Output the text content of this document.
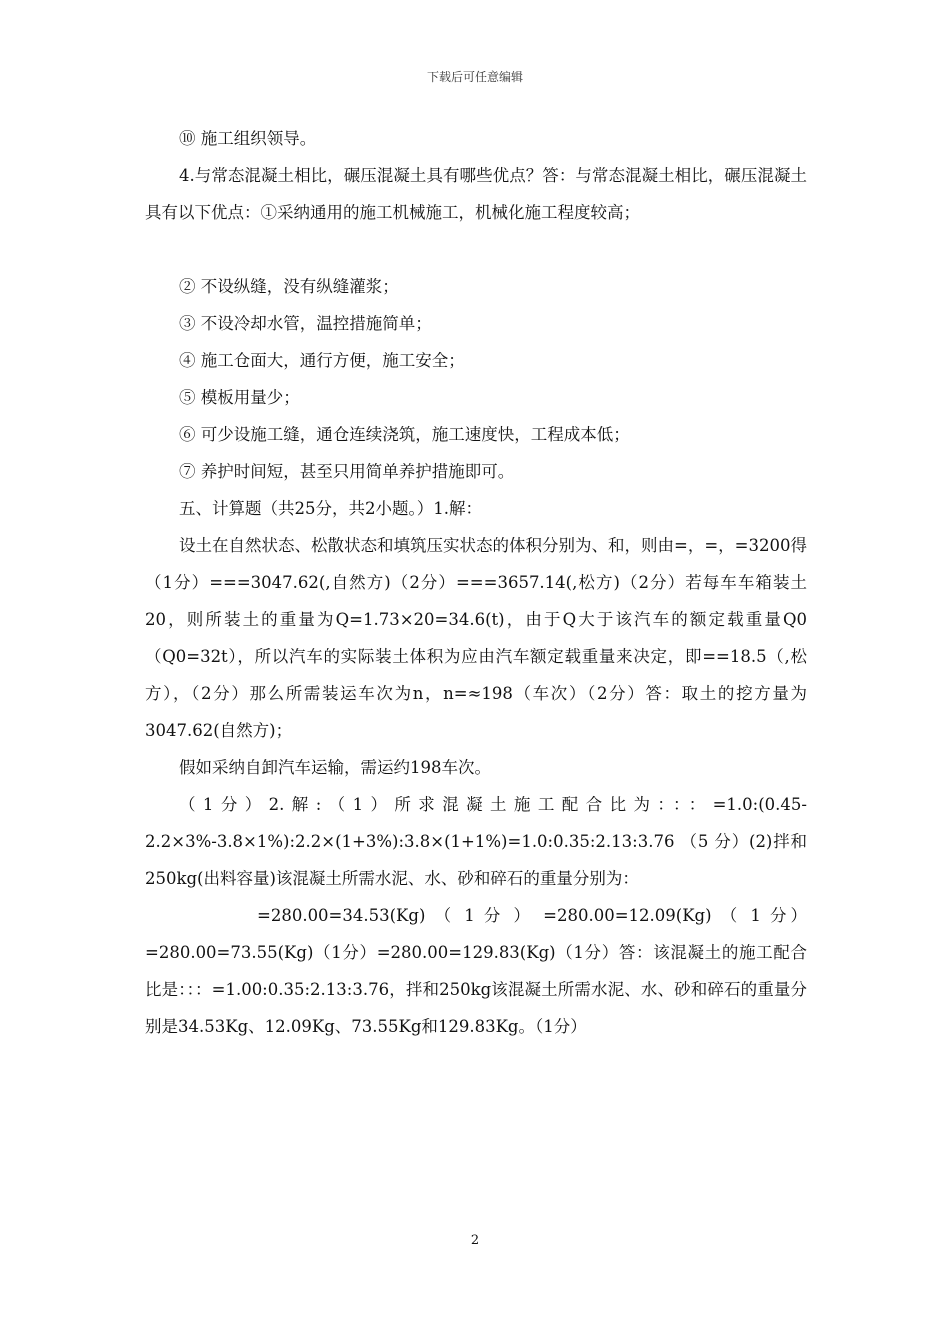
下载后可任意编辑

⑩ 施工组织领导。

4.与常态混凝土相比，碾压混凝土具有哪些优点？答：与常态混凝土相比，碾压混凝土具有以下优点：①采纳通用的施工机械施工，机械化施工程度较高；

② 不设纵缝，没有纵缝灌浆；

③ 不设冷却水管，温控措施简单；

④ 施工仓面大，通行方便，施工安全；

⑤ 模板用量少；

⑥ 可少设施工缝，通仓连续浇筑，施工速度快，工程成本低；

⑦ 养护时间短，甚至只用简单养护措施即可。

五、计算题（共25分，共2小题。）1.解：

设土在自然状态、松散状态和填筑压实状态的体积分别为、和，则由=，=，=3200得（1分）===3047.62(,自然方)（2分）===3657.14(,松方)（2分）若每车车箱装土20，则所装土的重量为Q=1.73×20=34.6(t)，由于Q大于该汽车的额定载重量Q0（Q0=32t），所以汽车的实际装土体积为应由汽车额定载重量来决定，即==18.5（,松方），（2分）那么所需装运车次为n，n=≈198（车次）（2分）答：取土的挖方量为3047.62(自然方)；

假如采纳自卸汽车运输，需运约198车次。

（1分）2.解:（1）所求混凝土施工配合比为：：：=1.0:(0.45-2.2×3%-3.8×1%):2.2×(1+3%):3.8×(1+1%)=1.0:0.35:2.13:3.76 （5 分）(2)拌和250kg(出料容量)该混凝土所需水泥、水、砂和碎石的重量分别为：

=280.00=34.53(Kg) （ 1 分 ） =280.00=12.09(Kg) （ 1 分）=280.00=73.55(Kg)（1分）=280.00=129.83(Kg)（1分）答：该混凝土的施工配合比是：：：=1.00:0.35:2.13:3.76，拌和250kg该混凝土所需水泥、水、砂和碎石的重量分别是34.53Kg、12.09Kg、73.55Kg和129.83Kg。（1分）

2
